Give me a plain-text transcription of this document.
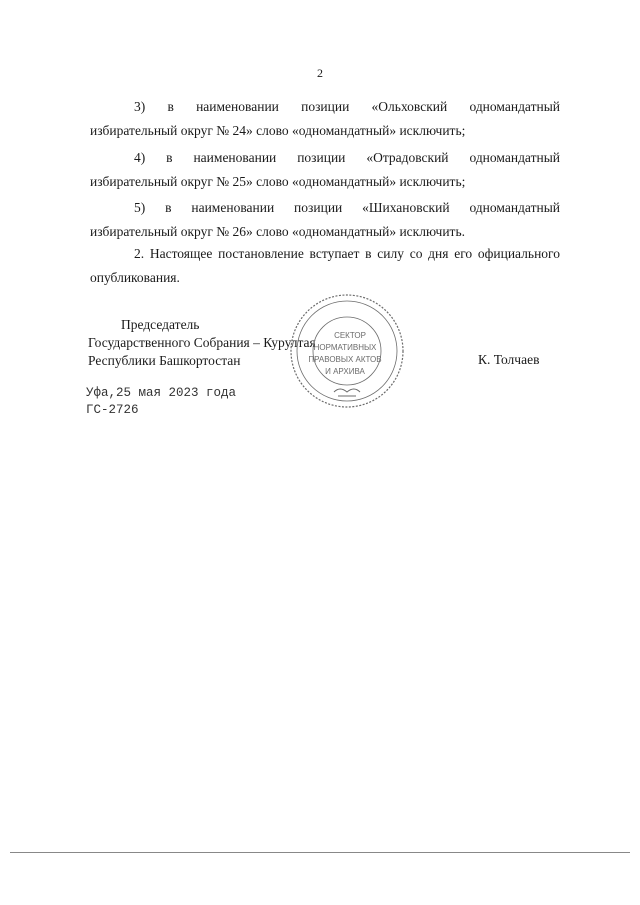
2
3) в наименовании позиции «Ольховский одномандатный
избирательный округ № 24» слово «одномандатный» исключить;
4) в наименовании позиции «Отрадовский одномандатный
избирательный округ № 25» слово «одномандатный» исключить;
5) в наименовании позиции «Шихановский одномандатный
избирательный округ № 26» слово «одномандатный» исключить.
2. Настоящее постановление вступает в силу со дня его официального
опубликования.
Председатель
Государственного Собрания – Курултая
Республики Башкортостан	К. Толчаев
СЕКТОР
НОРМАТИВНЫХ
ПРАВОВЫХ АКТОВ
И АРХИВА
Уфа,25 мая 2023 года
ГС-2726
